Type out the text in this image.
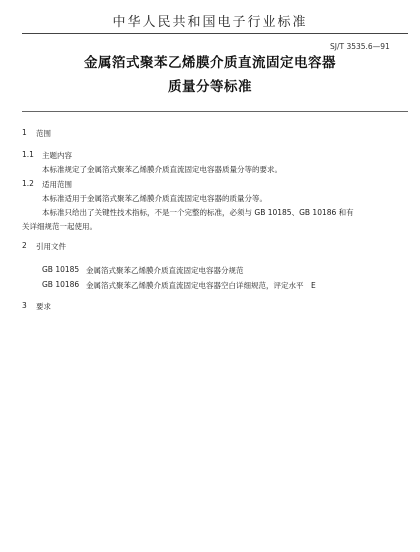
中华人民共和国电子行业标准
SJ/T 3535.6—91
金属箔式聚苯乙烯膜介质直流固定电容器
质量分等标准
1 范围
1.1 主题内容
本标准规定了金属箔式聚苯乙烯膜介质直流固定电容器质量分等的要求。
1.2 适用范围
本标准适用于金属箔式聚苯乙烯膜介质直流固定电容器的质量分等。
本标准只给出了关键性技术指标，不是一个完整的标准，必须与 GB 10185、GB 10186 和有
关详细规范一起使用。
2 引用文件
GB 10185 金属箔式聚苯乙烯膜介质直流固定电容器分规范
GB 10186 金属箔式聚苯乙烯膜介质直流固定电容器空白详细规范，评定水平　E
3 要求
